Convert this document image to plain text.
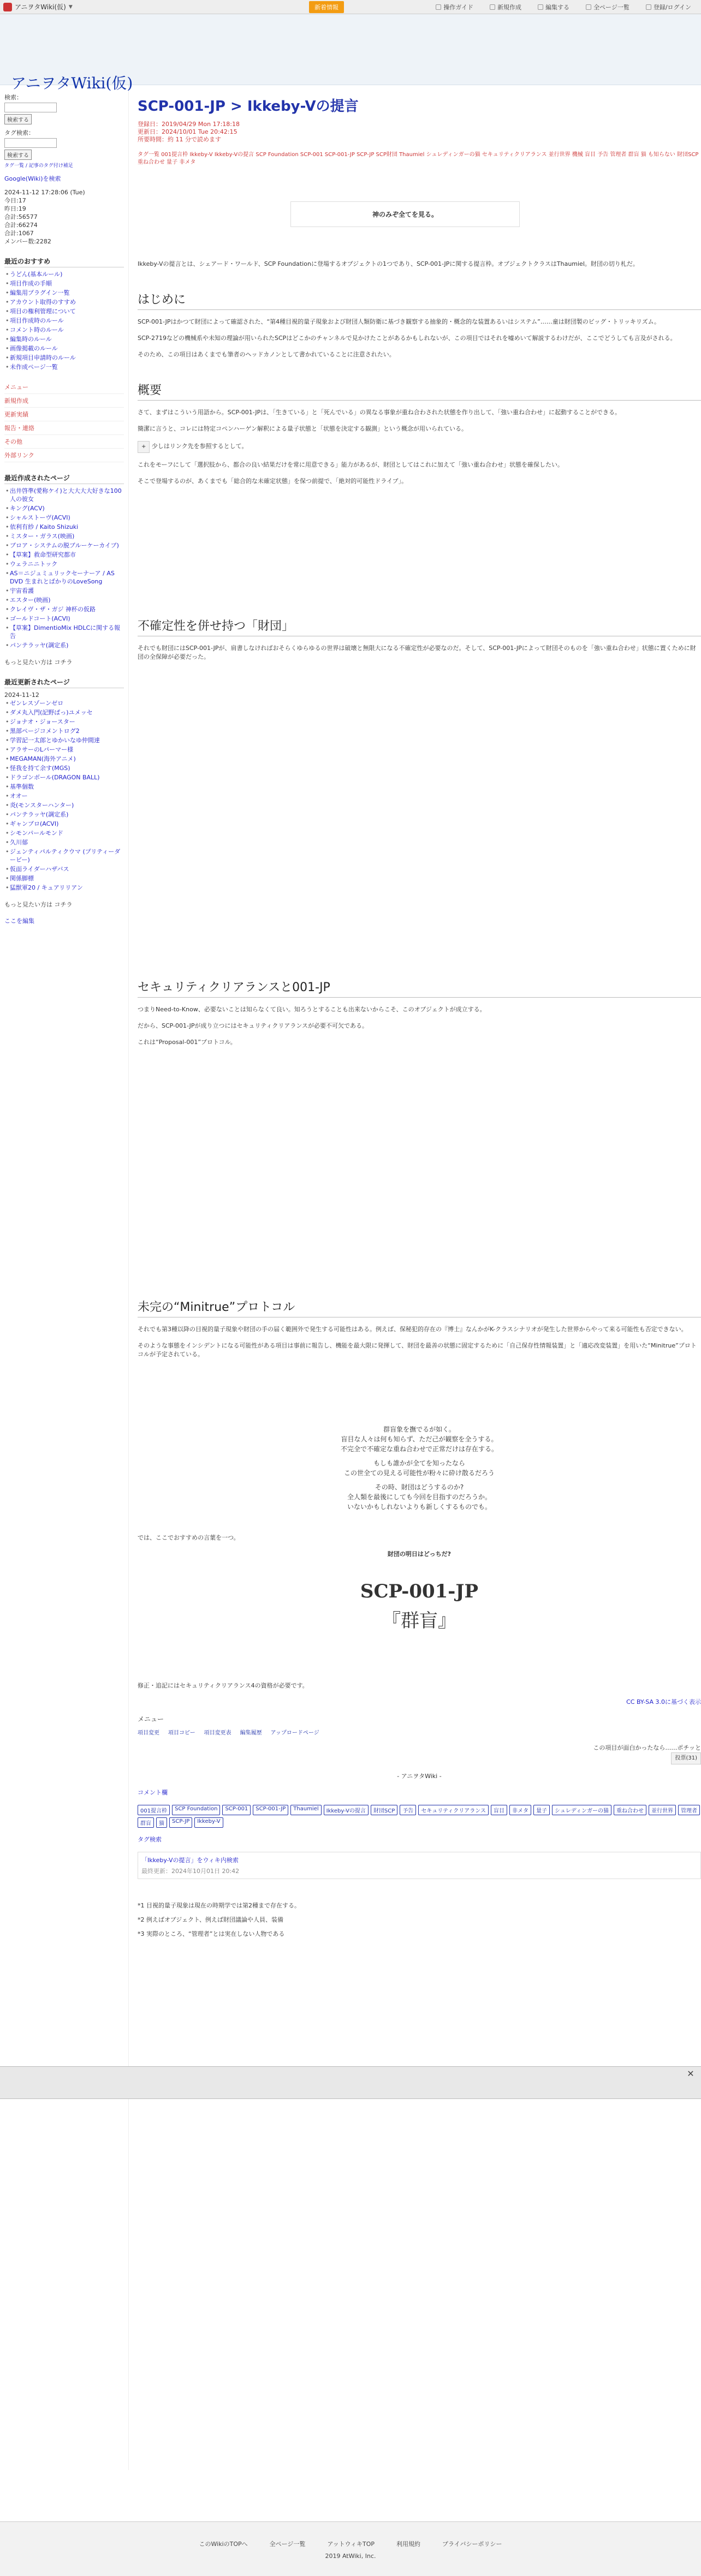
アニヲタWiki(仮) ▼	新着情報	操作ガイド	新規作成	編集する	全ページ一覧	登録/ログイン
アニヲタWiki(仮)
検索：

検索する
タグ検索：

検索する
タグ一覧 / 記事のタグ付け補足
Google(Wiki)を検索
2024-11-12 17:28:06 (Tue)
今日:17
昨日:19
合計:56577
合計:66274
合計:1067
メンバー数:2282
最近のおすすめ
• うどん(基本ルール)
• 項目作成の手順
• 編集用プラグイン一覧
• アカウント取得のすすめ
• 項目の権利管理について
• 項目作成時のルール
• コメント時のルール
• 編集時のルール
• 画像掲載のルール
• 新規項目申請時のルール
• 未作成ページ一覧
メニュー
新規作成
更新実績
報告・連絡
その他
外部リンク
最近作成されたページ
• 出井啓準(愛称ケイ)と大大大大好きな100人の彼女
• キング(ACV)
• シャルストーヴ(ACVI)
• 依利有紗 / Kaito Shizuki
• ミスター・ガラス(映画)
• ブロア・システムの脱ブルーケーカイブ)
• 【草案】救命型研究都市
• ウェラニニトック
• AS＝ニジュミュリックセーナーア / AS DVD 生まれとばかりのLoveSong
• 宇宙看護
• エスター(映画)
• クレイヴ・ザ・ガジ 神杯の仮路
• ゴールドコート(ACVI)
• 【草案】DimentioMix HDLCに関する報告
• パンテラッヤ(調定系)
もっと見たい方は コチラ
最近更新されたページ
2024-11-12
• ゼンレスゾーンゼロ
• ダメ丸入門(記野ぱっ)ユメッセ
• ジョナオ・ジョースター
• 黒部ページコメントログ2
• 学習記一太郎とゆかいなゆ仲間達
• アラサーのLパーマー様
• MEGAMAN(海外アニメ)
• 怪我を持て余す(MGS)
• ドラゴンボール(DRAGON BALL)
• 基準個数
• オオー
• 炎(モンスターハンター)
• パンテラッヤ(調定系)
• ギャンブロ(ACVI)
• シモンパールモンド
• 久川郁
• ジェンティパルティクウマ (プリティーダービー)
• 仮面ライダーハザバス
• 関係脚標
• 猛獣軍20 / キュアリリアン
もっと見たい方は コチラ
ここを編集
SCP-001-JP > Ikkeby-Vの提言
登録日：2019/04/29 Mon 17:18:18
更新日：2024/10/01 Tue 20:42:15
所要時間：約 11 分で読めます
タグ一覧 001提言枠 Ikkeby-V Ikkeby-Vの提言 SCP Foundation SCP-001 SCP-001-JP SCP-JP SCP財団 Thaumiel シュレディンガーの猫 セキュリティクリアランス 並行世界 機械 盲目 予告 管理者 群盲 猫 も知らない 財団SCP 重ね合わせ 量子 非メタ
神のみぞ全てを見る。

Ikkeby-Vの提言とは、シェアード・ワールド、SCP Foundationに登場するオブジェクトの1つであり、SCP-001-JPに関する提言枠。オブジェクトクラスはThaumiel。財団の切り札だ。

はじめに

SCP-001-JPはかつて財団によって確認された、“第4種目視的量子現象および財団人類防衛に基づき観察する抽象的・概念的な装置あるいはシステム”……童は財団製のビッグ・トリッキリズム。

SCP-2719などの機械系や未知の理論が用いられたSCPはどこかのチャンネルで見かけたことがあるかもしれないが、この項目ではそれを嘘めいて解説するわけだが、ここでどうしても言及がされる。

そのため、この項目はあくまでも筆者のヘッドカノンとして書かれていることに注意されたい。

概要

さて、まずはこういう用語から。SCP-001-JPは、「生きている」と「死んでいる」の異なる事象が重ね合わされた状態を作り出して、「強い重ね合わせ」に起動することができる。

簡潔に言うと、コレには特定コペンハーゲン解釈による量子状態と「状態を決定する観測」という概念が用いられている。

+ 少しはリンク先を参照するとして。

これをモーフにして「選択肢から、都合の良い結果だけを常に用意できる」能力があるが、財団としてはこれに加えて「強い重ね合わせ」状態を確保したい。

そこで登場するのが、あくまでも「総合的な未確定状態」を保つ前提で、「絶対的可能性ドライブ」。

不確定性を併せ持つ「財団」

それでも財団にはSCP-001-JPが、肩書しなければおそらくゆらゆるの世界は破壊と無限大になる不確定性が必要なのだ。そして、SCP-001-JPによって財団そのものを「強い重ね合わせ」状態に置くために財団の全保障が必要だった。

セキュリティクリアランスと001-JP

つまりNeed-to-Know、必要ないことは知らなくて良い。知ろうとすることも出来ないからこそ、このオブジェクトが成立する。

だから、SCP-001-JPが成り立つにはセキュリティクリアランスが必要不可欠である。

これは“Proposal-001”プロトコル。

未完の“Minitrue”プロトコル

それでも第3種以降の目視的量子現象や財団の手の届く範囲外で発生する可能性はある。例えば、保秘犯的存在の『博士』なんかがK-クラスシナリオが発生した世界からやって来る可能性も否定できない。

そのような事態をインシデントになる可能性がある項目は事前に報告し、機能を最大限に発揮して、財団を最善の状態に固定するために「自己保存性情報装置」と「適応改変装置」を用いた“Minitrue”プロトコルが予定されている。

群盲象を撫でるが如く。
盲目な人々は何も知らず、ただ己が観察を全うする。
不完全で不確定な重ね合わせで正常だけは存在する。
もしも誰かが全てを知ったなら
この世全ての見える可能性が粉々に砕け散るだろう
その時、財団はどうするのか?
全人類を最後にしても今回を目指すのだろうか。
いないかもしれないよりも新しくするものでも。

では、ここでおすすめの言葉を一つ。

財団の明日はどっちだ?

SCP-001-JP
『群盲』

修正・追記にはセキュリティクリアランス4の資格が必要です。

CC BY-SA 3.0に基づく表示

メニュー
項目変更 項目コピー 項目変更表 編集履歴 アップロードページ

この項目が面白かったなら……ポチッと
投票(31)

- アニヲタWiki -

コメント欄

001提言枠	SCP Foundation	SCP-001	SCP-001-JP	Thaumiel	Ikkeby-Vの提言	財団SCP	予告	セキュリティクリアランス	盲目	非メタ	量子	シュレディンガーの猫	重ね合わせ	並行世界	管理者
群盲	猫	SCP-JP	Ikkeby-V

タグ検索

「Ikkeby-Vの提言」をウィキ内検索
最終更新：2024年10月01日 20:42
*1 目視的量子現象は現在の時期学では第2種まで存在する。
*2 例えばオブジェクト、例えば財団議論や人員、装備
*3 実際のところ、“管理者”とは実在しない人物である
✕
このWikiのTOPへ	全ページ一覧	アットウィキTOP	利用規約	プライバシーポリシー
2019 AtWiki, Inc.
